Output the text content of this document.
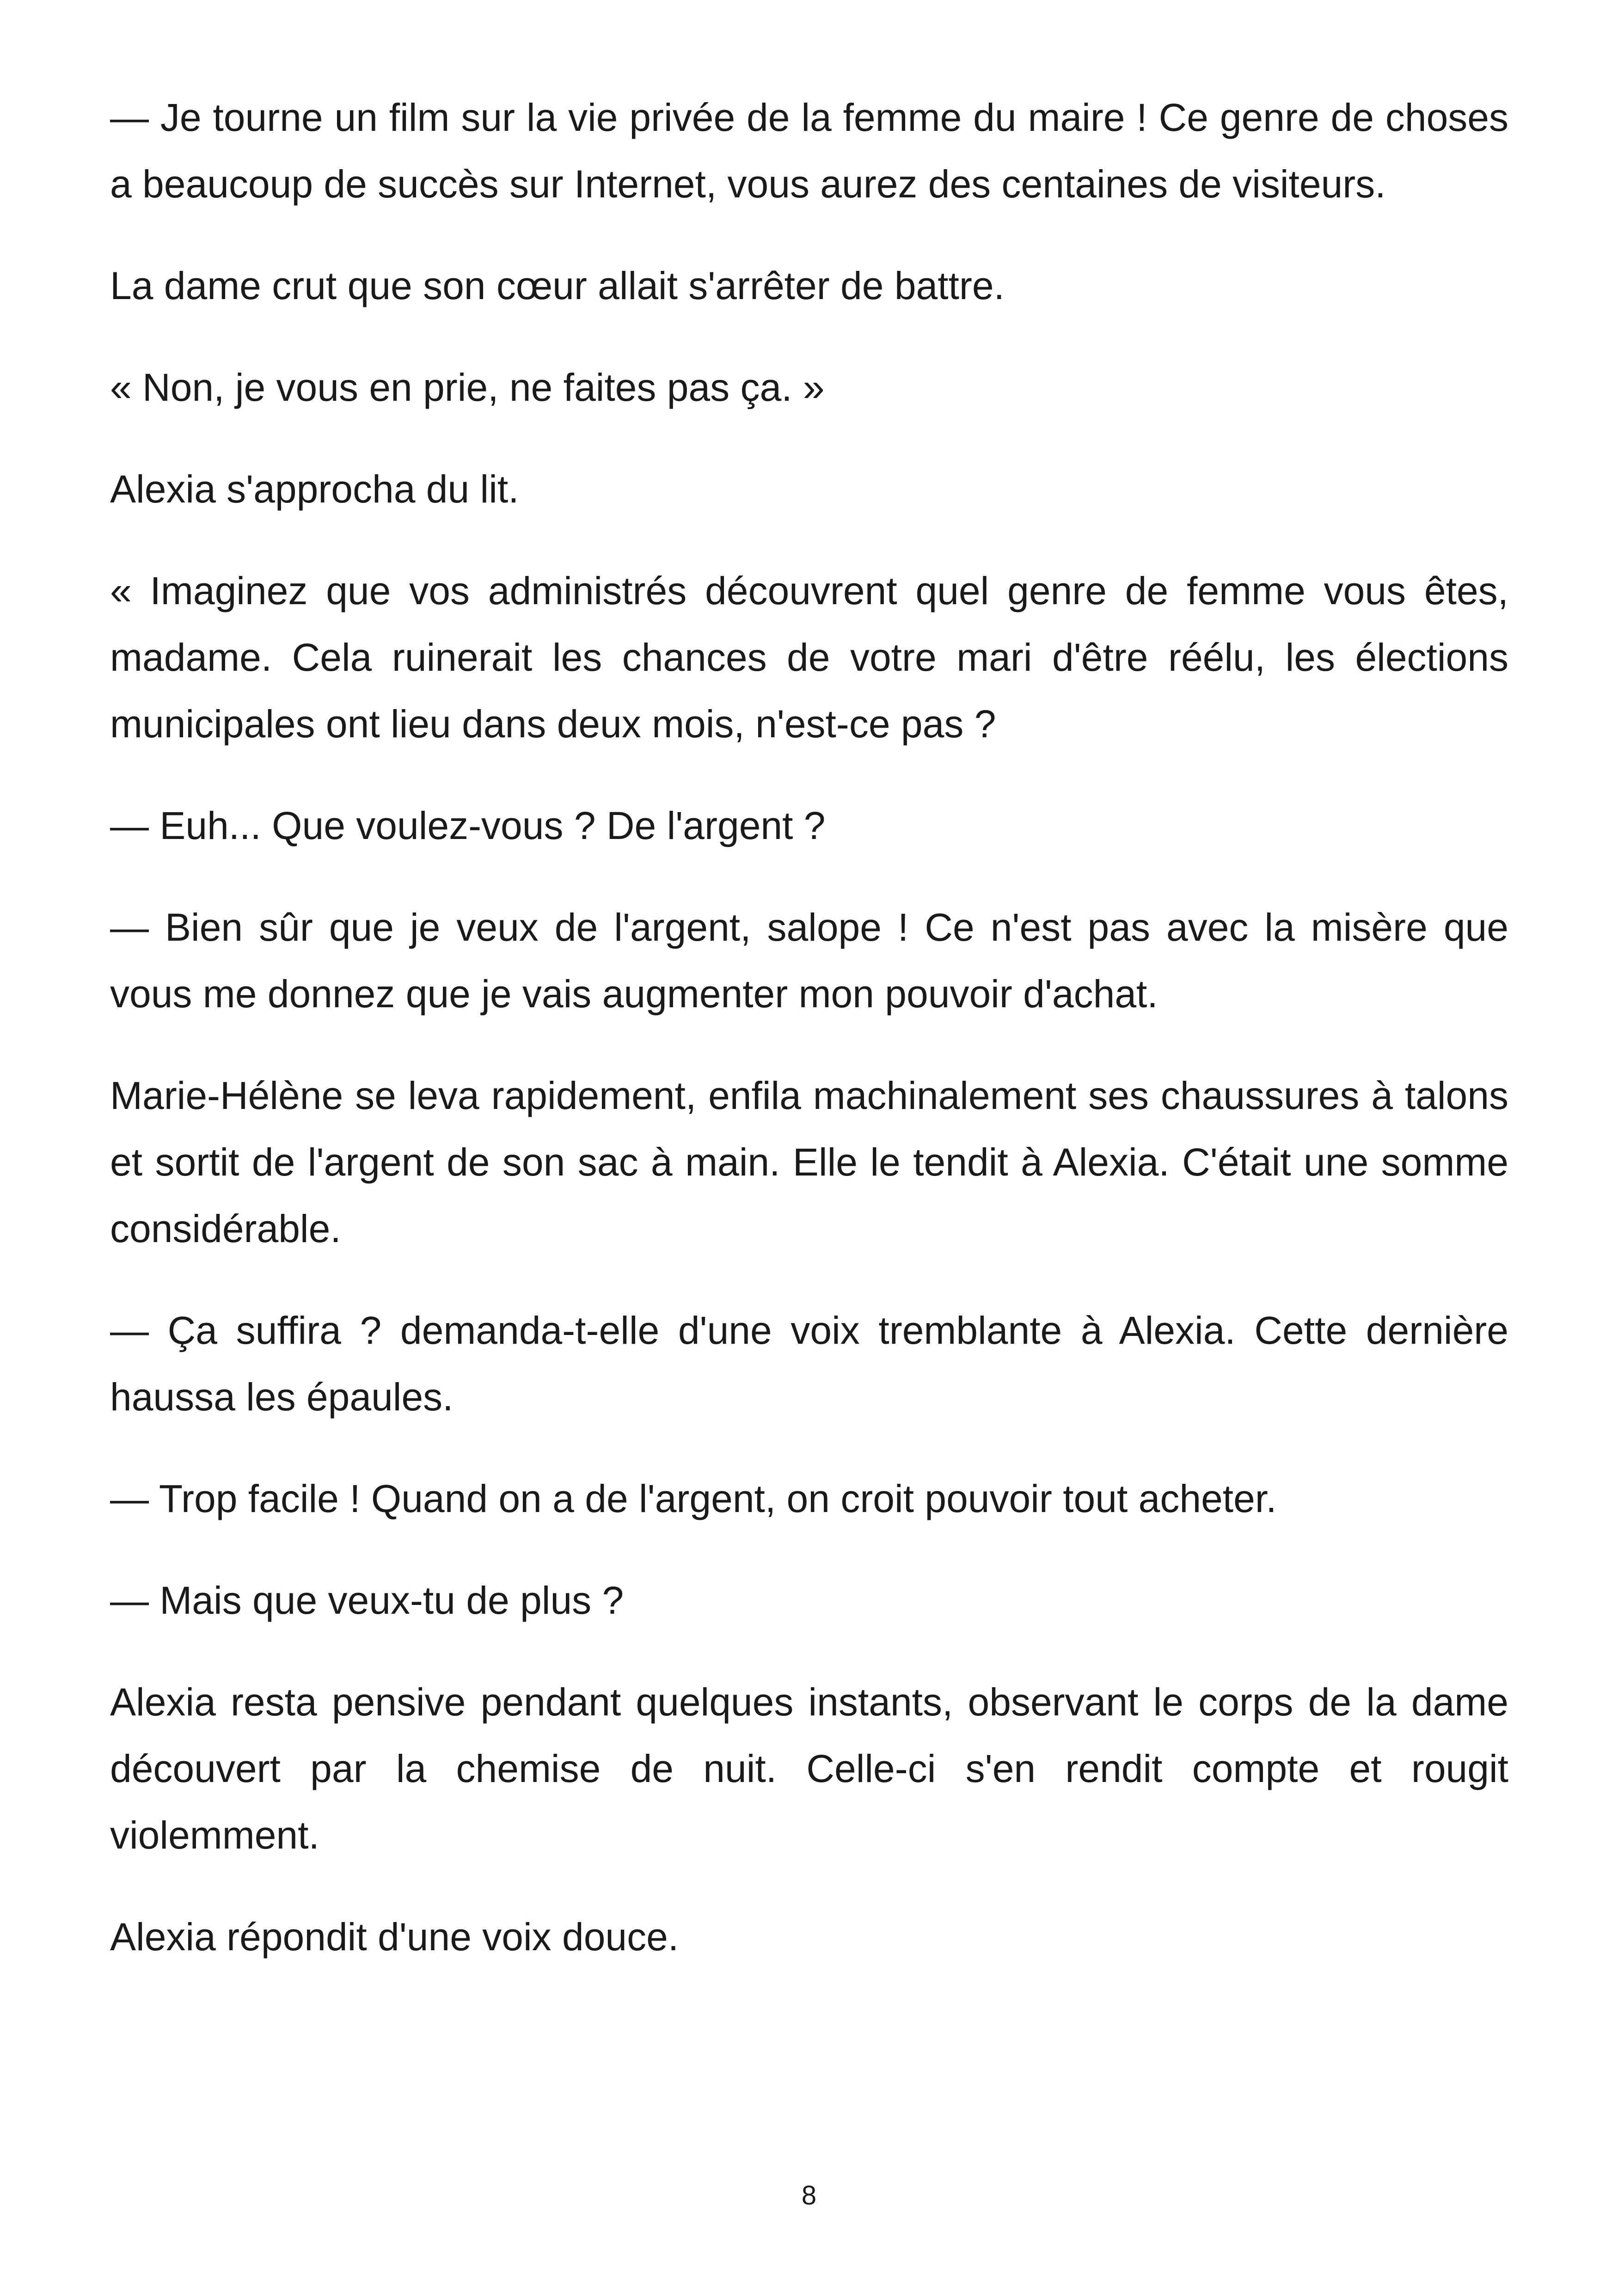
— Je tourne un film sur la vie privée de la femme du maire ! Ce genre de choses a beaucoup de succès sur Internet, vous aurez des centaines de visiteurs.

La dame crut que son cœur allait s'arrêter de battre.

« Non, je vous en prie, ne faites pas ça. »

Alexia s'approcha du lit.

« Imaginez que vos administrés découvrent quel genre de femme vous êtes, madame. Cela ruinerait les chances de votre mari d'être réélu, les élections municipales ont lieu dans deux mois, n'est-ce pas ?

— Euh... Que voulez-vous ? De l'argent ?

— Bien sûr que je veux de l'argent, salope ! Ce n'est pas avec la misère que vous me donnez que je vais augmenter mon pouvoir d'achat.

Marie-Hélène se leva rapidement, enfila machinalement ses chaussures à talons et sortit de l'argent de son sac à main. Elle le tendit à Alexia. C'était une somme considérable.

— Ça suffira ? demanda-t-elle d'une voix tremblante à Alexia. Cette dernière haussa les épaules.

— Trop facile ! Quand on a de l'argent, on croit pouvoir tout acheter.

— Mais que veux-tu de plus ?

Alexia resta pensive pendant quelques instants, observant le corps de la dame découvert par la chemise de nuit. Celle-ci s'en rendit compte et rougit violemment.

Alexia répondit d'une voix douce.

8
